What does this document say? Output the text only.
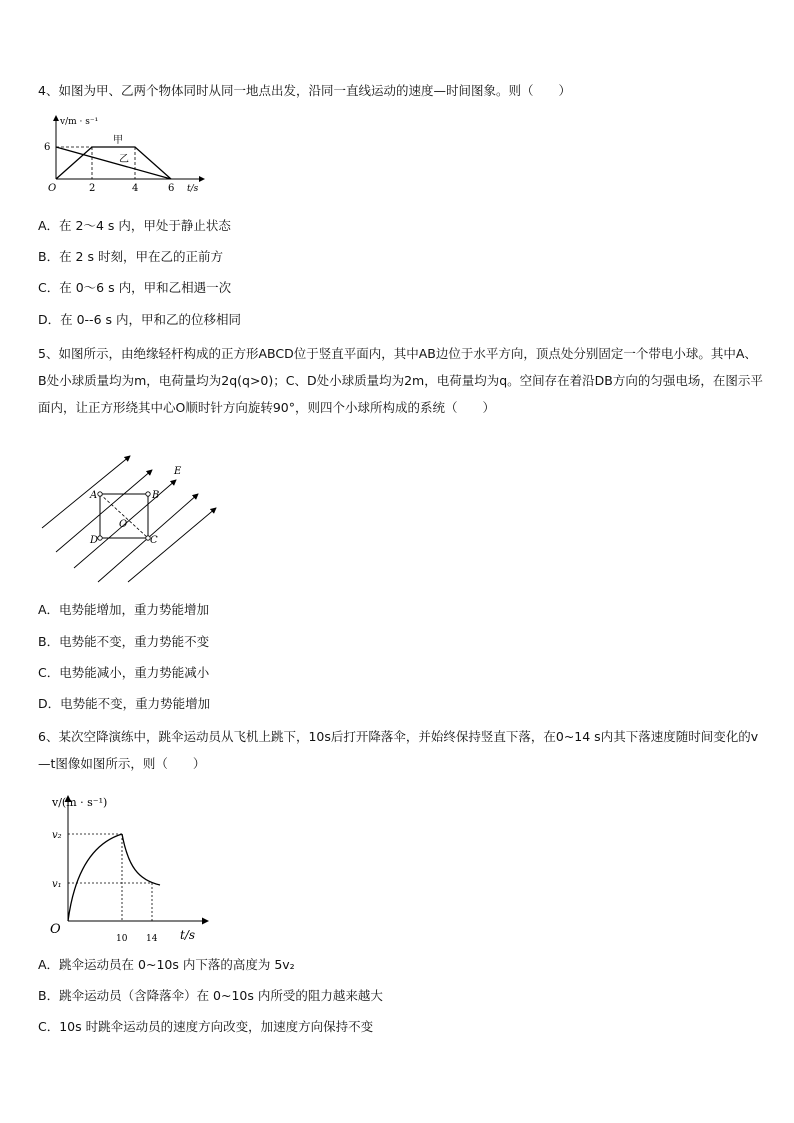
4、如图为甲、乙两个物体同时从同一地点出发，沿同一直线运动的速度—时间图象。则（　　）
v/m · s⁻¹
6
O	2	4	6 t/s
甲
乙
A．在 2～4 s 内，甲处于静止状态
B．在 2 s 时刻，甲在乙的正前方
C．在 0～6 s 内，甲和乙相遇一次
D．在 0--6 s 内，甲和乙的位移相同
5、如图所示，由绝缘轻杆构成的正方形ABCD位于竖直平面内，其中AB边位于水平方向，顶点处分别固定一个带电小球。其中A、B处小球质量均为m，电荷量均为2q(q>0)；C、D处小球质量均为2m，电荷量均为q。空间存在着沿DB方向的匀强电场，在图示平面内，让正方形绕其中心O顺时针方向旋转90°，则四个小球所构成的系统（　　）
A	B
C
D
O
E
A．电势能增加，重力势能增加
B．电势能不变，重力势能不变
C．电势能减小，重力势能减小
D．电势能不变，重力势能增加
6、某次空降演练中，跳伞运动员从飞机上跳下，10s后打开降落伞，并始终保持竖直下落，在0~14 s内其下落速度随时间变化的v—t图像如图所示，则（　　）
v/(m · s⁻¹)
v₂
v₁
O
10 14 t/s
A．跳伞运动员在 0~10s 内下落的高度为 5v₂
B．跳伞运动员（含降落伞）在 0~10s 内所受的阻力越来越大
C．10s 时跳伞运动员的速度方向改变，加速度方向保持不变
